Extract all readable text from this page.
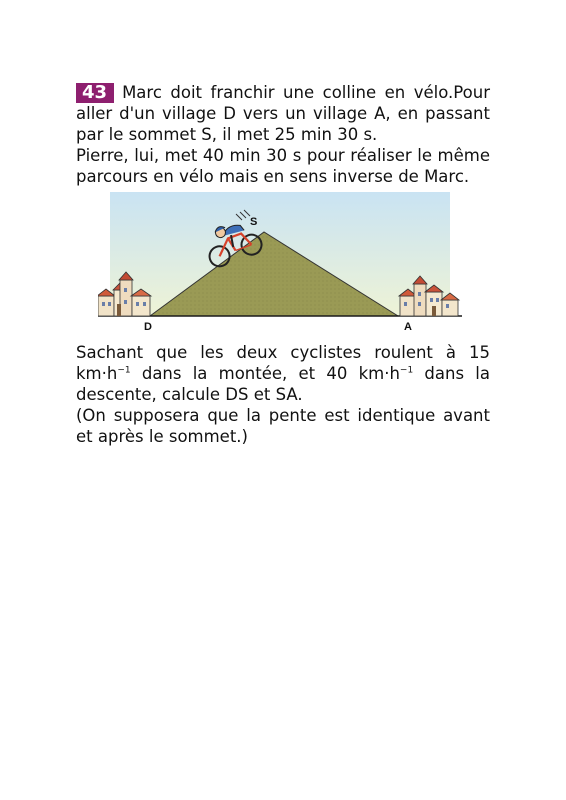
43 Marc doit franchir une colline en vélo.Pour aller d'un village D vers un village A, en passant par le sommet S, il met 25 min 30 s.

Pierre, lui, met 40 min 30 s pour réaliser le même parcours en vélo mais en sens inverse de Marc.

S
D	A

Sachant que les deux cyclistes roulent à 15 $km\cdot h^{-1}$ dans la montée, et 40 $km\cdot h^{-1}$ dans la descente, calcule DS et SA.

(On supposera que la pente est identique avant et après le sommet.)
